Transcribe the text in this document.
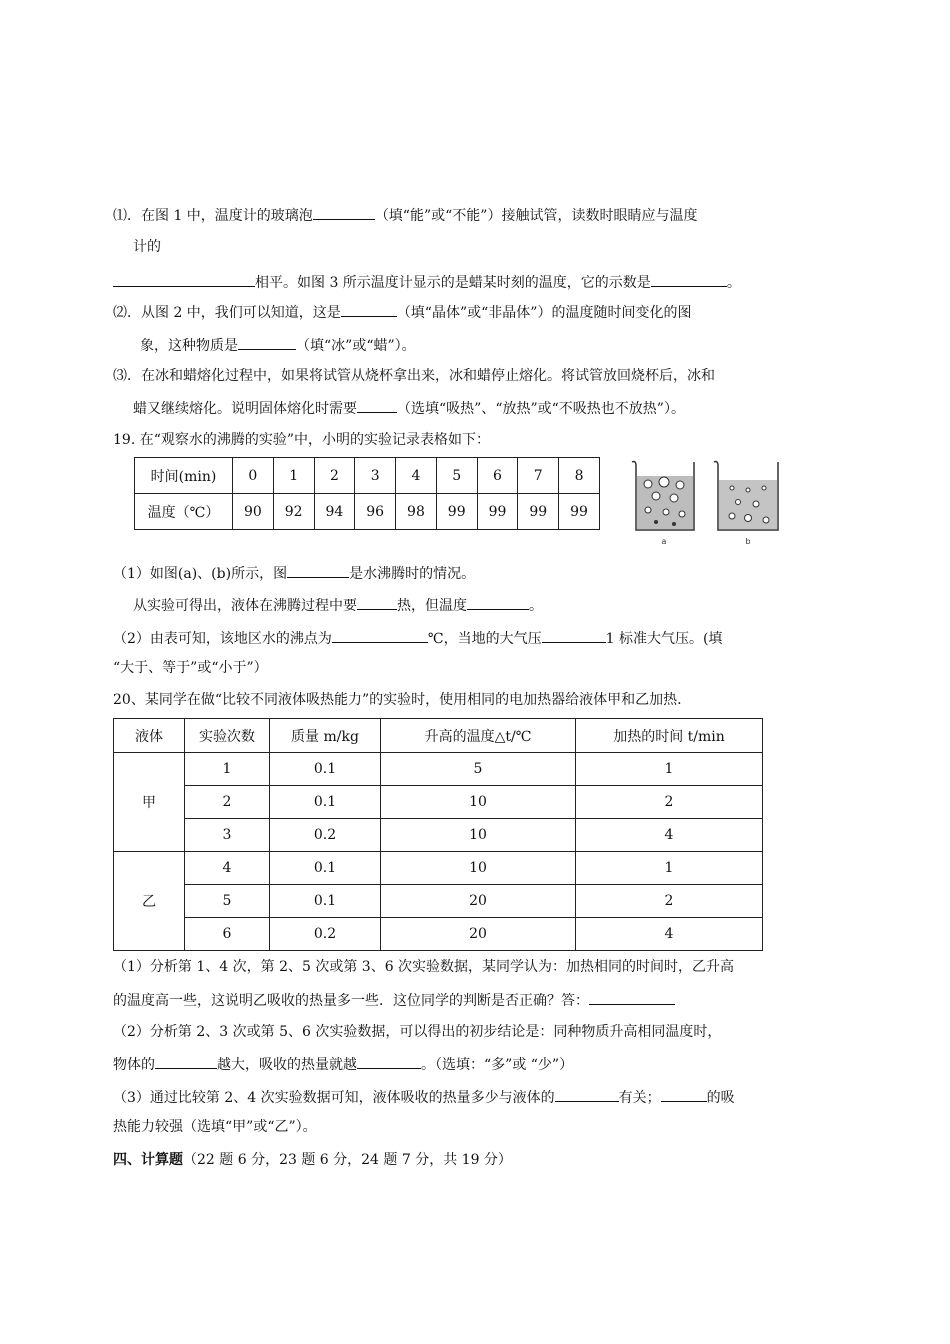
⑴．在图 1 中，温度计的玻璃泡	（填“能”或“不能”）接触试管，读数时眼睛应与温度
计的
相平。如图 3 所示温度计显示的是蜡某时刻的温度，它的示数是	。
⑵．从图 2 中，我们可以知道，这是	（填“晶体”或“非晶体”）的温度随时间变化的图
象，这种物质是	（填“冰”或“蜡”）。
⑶．在冰和蜡熔化过程中，如果将试管从烧杯拿出来，冰和蜡停止熔化。将试管放回烧杯后，冰和
蜡又继续熔化。说明固体熔化时需要	（选填“吸热”、“放热”或“不吸热也不放热”）。
19. 在“观察水的沸腾的实验”中，小明的实验记录表格如下：
时间(min)	0	1	2	3	4	5	6	7	8
温度（℃）	90	92	94	96	98	99	99	99	99
a	b
（1）如图(a)、(b)所示，图	是水沸腾时的情况。
从实验可得出，液体在沸腾过程中要	热，但温度	。
（2）由表可知，该地区水的沸点为	℃，当地的大气压	1 标准大气压。(填
“大于、等于”或“小于”）
20、某同学在做“比较不同液体吸热能力”的实验时，使用相同的电加热器给液体甲和乙加热.
液体	实验次数	质量 m/kg	升高的温度△t/℃	加热的时间 t/min
甲	1	0.1	5	1
	2	0.1	10	2
	3	0.2	10	4
乙	4	0.1	10	1
	5	0.1	20	2
	6	0.2	20	4
（1）分析第 1、4 次，第 2、5 次或第 3、6 次实验数据，某同学认为：加热相同的时间时，乙升高
的温度高一些，这说明乙吸收的热量多一些．这位同学的判断是否正确？答：
（2）分析第 2、3 次或第 5、6 次实验数据，可以得出的初步结论是：同种物质升高相同温度时，
物体的	越大，吸收的热量就越	。（选填：“多”或 “少”）
（3）通过比较第 2、4 次实验数据可知，液体吸收的热量多少与液体的	有关；	的吸
热能力较强（选填“甲”或“乙”）。
四、计算题（22 题 6 分，23 题 6 分，24 题 7 分，共 19 分）
